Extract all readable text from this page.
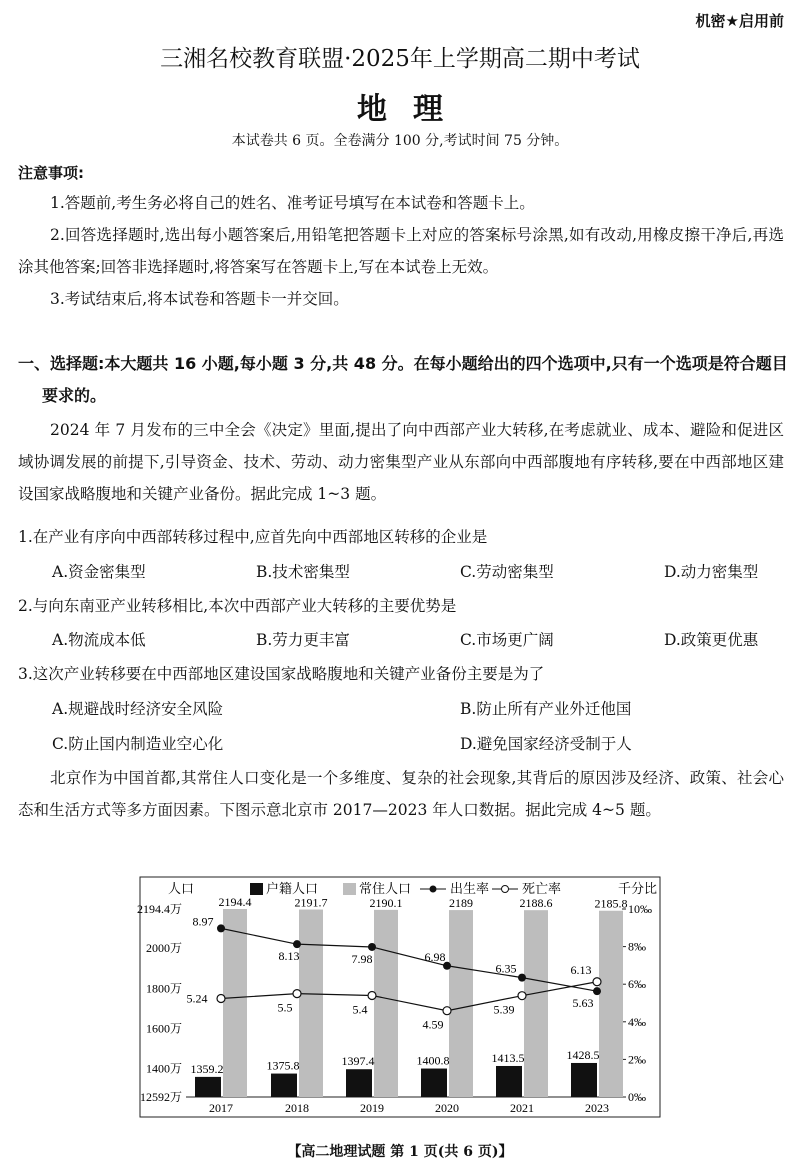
机密★启用前
三湘名校教育联盟·2025年上学期高二期中考试
地理
本试卷共 6 页。全卷满分 100 分,考试时间 75 分钟。
注意事项:
1.答题前,考生务必将自己的姓名、准考证号填写在本试卷和答题卡上。
2.回答选择题时,选出每小题答案后,用铅笔把答题卡上对应的答案标号涂黑,如有改动,用橡皮擦干净后,再选涂其他答案;回答非选择题时,将答案写在答题卡上,写在本试卷上无效。
3.考试结束后,将本试卷和答题卡一并交回。
一、选择题:本大题共 16 小题,每小题 3 分,共 48 分。在每小题给出的四个选项中,只有一个选项是符合题目要求的。
2024 年 7 月发布的三中全会《决定》里面,提出了向中西部产业大转移,在考虑就业、成本、避险和促进区域协调发展的前提下,引导资金、技术、劳动、动力密集型产业从东部向中西部腹地有序转移,要在中西部地区建设国家战略腹地和关键产业备份。据此完成 1~3 题。
1.在产业有序向中西部转移过程中,应首先向中西部地区转移的企业是
A.资金密集型	B.技术密集型	C.劳动密集型	D.动力密集型
2.与向东南亚产业转移相比,本次中西部产业大转移的主要优势是
A.物流成本低	B.劳力更丰富	C.市场更广阔	D.政策更优惠
3.这次产业转移要在中西部地区建设国家战略腹地和关键产业备份主要是为了
A.规避战时经济安全风险	B.防止所有产业外迁他国
C.防止国内制造业空心化	D.避免国家经济受制于人
北京作为中国首都,其常住人口变化是一个多维度、复杂的社会现象,其背后的原因涉及经济、政策、社会心态和生活方式等多方面因素。下图示意北京市 2017—2023 年人口数据。据此完成 4~5 题。
户籍人口	常住人口	出生率	死亡率
人口	千分比
12592万
1400万
1600万
1800万
2000万
2194.4万
0‰
2‰
4‰
6‰
8‰
10‰
2194.4
1359.2
2017
2191.7
1375.8
2018
2190.1
1397.4
2019
2189
1400.8
2020
2188.6
1413.5
2021
2185.8
1428.5
2023
8.97
8.13	7.98	6.98
6.35
5.63
5.24
5.5	5.4
4.59
5.39
6.13
【高二地理试题 第 1 页(共 6 页)】
